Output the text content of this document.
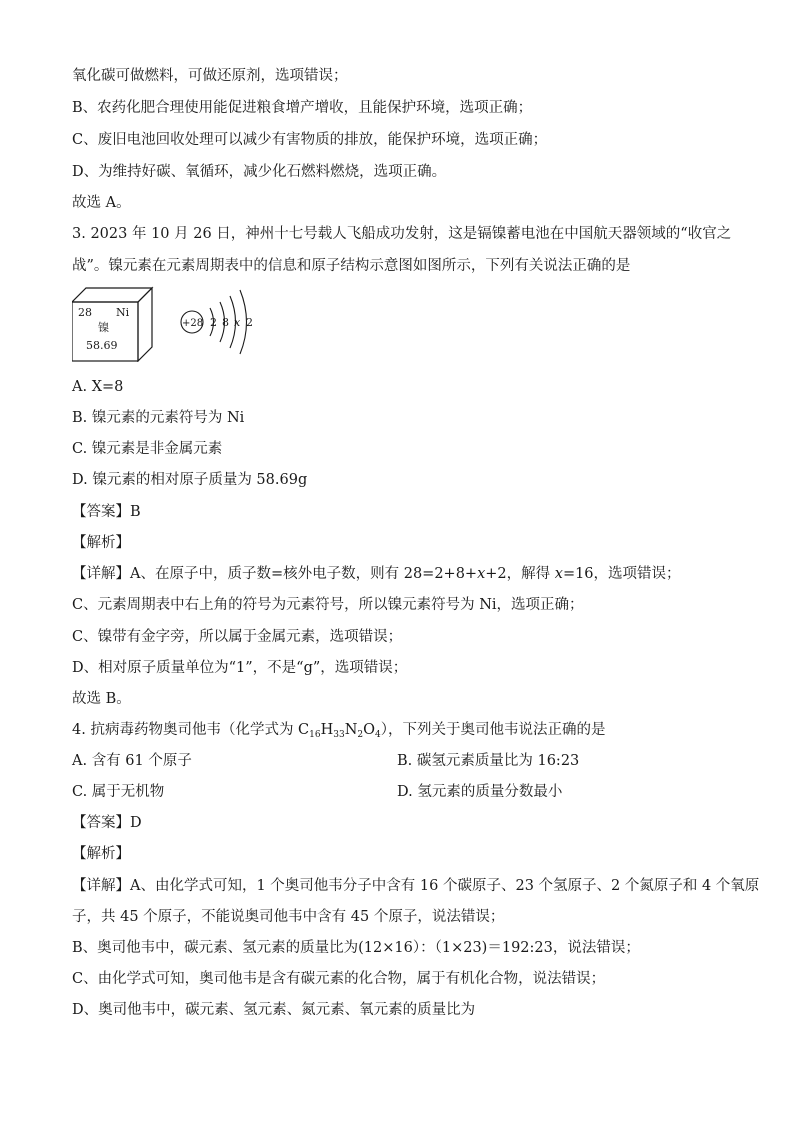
氧化碳可做燃料，可做还原剂，选项错误；
B、农药化肥合理使用能促进粮食增产增收，且能保护环境，选项正确；
C、废旧电池回收处理可以减少有害物质的排放，能保护环境，选项正确；
D、为维持好碳、氧循环，减少化石燃料燃烧，选项正确。
故选 A。
3. 2023 年 10 月 26 日，神州十七号载人飞船成功发射，这是镉镍蓄电池在中国航天器领域的“收官之
战”。镍元素在元素周期表中的信息和原子结构示意图如图所示，下列有关说法正确的是
28 Ni
镍
58.69
+28 2 8 x 2
A. X=8
B. 镍元素的元素符号为 Ni
C. 镍元素是非金属元素
D. 镍元素的相对原子质量为 58.69g
【答案】B
【解析】
【详解】A、在原子中，质子数=核外电子数，则有 28=2+8+x+2，解得 x=16，选项错误；
C、元素周期表中右上角的符号为元素符号，所以镍元素符号为 Ni，选项正确；
C、镍带有金字旁，所以属于金属元素，选项错误；
D、相对原子质量单位为“1”，不是“g”，选项错误；
故选 B。
4. 抗病毒药物奥司他韦（化学式为 $C_{16}H_{33}N_2O_4$），下列关于奥司他韦说法正确的是
A. 含有 61 个原子	B. 碳氢元素质量比为 16:23
C. 属于无机物	D. 氢元素的质量分数最小
【答案】D
【解析】
【详解】A、由化学式可知，1 个奥司他韦分子中含有 16 个碳原子、23 个氢原子、2 个氮原子和 4 个氧原
子，共 45 个原子，不能说奥司他韦中含有 45 个原子，说法错误；
B、奥司他韦中，碳元素、氢元素的质量比为(12×16）：（1×23)＝192:23，说法错误；
C、由化学式可知，奥司他韦是含有碳元素的化合物，属于有机化合物，说法错误；
D、奥司他韦中，碳元素、氢元素、氮元素、氧元素的质量比为
